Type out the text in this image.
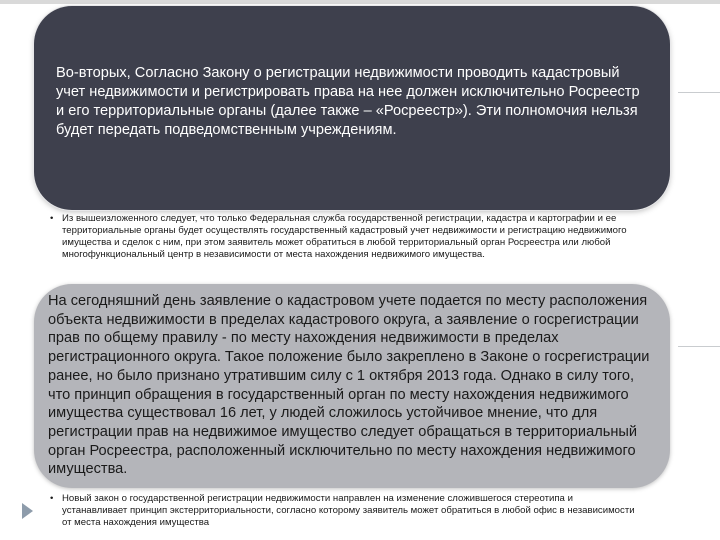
Во-вторых, Согласно Закону о регистрации недвижимости проводить кадастровый учет недвижимости и регистрировать права на нее должен исключительно Росреестр и его территориальные органы (далее также – «Росреестр»). Эти полномочия нельзя будет передать подведомственным учреждениям.
• Из вышеизложенного следует, что только Федеральная служба государственной регистрации, кадастра и картографии и ее территориальные органы будет осуществлять государственный кадастровый учет недвижимости и регистрацию недвижимого имущества и сделок с ним, при этом заявитель может обратиться в любой территориальный орган Росреестра или любой многофункциональный центр в независимости от места нахождения недвижимого имущества.
На сегодняшний день заявление о кадастровом учете подается по месту расположения объекта недвижимости в пределах кадастрового округа, а заявление о госрегистрации прав по общему правилу - по месту нахождения недвижимости в пределах регистрационного округа. Такое положение было закреплено в Законе о госрегистрации ранее, но было признано утратившим силу с 1 октября 2013 года. Однако в силу того, что принцип обращения в государственный орган по месту нахождения недвижимого имущества существовал 16 лет, у людей сложилось устойчивое мнение, что для регистрации прав на недвижимое имущество следует обращаться в территориальный орган Росреестра, расположенный исключительно по месту нахождения недвижимого имущества.
• Новый закон о государственной регистрации недвижимости направлен на изменение сложившегося стереотипа и устанавливает принцип экстерриториальности, согласно которому заявитель может обратиться в любой офис в независимости от места нахождения имущества
